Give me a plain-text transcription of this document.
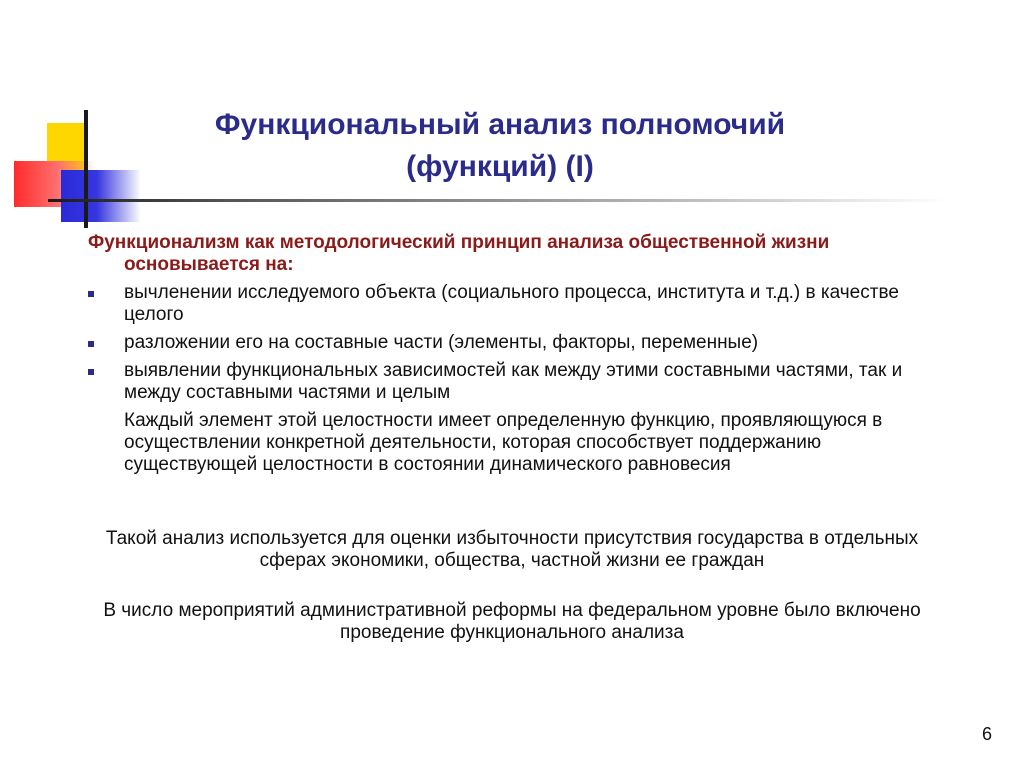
Функциональный анализ полномочий
(функций) (I)
Функционализм как методологический принцип анализа общественной жизни основывается на:
вычленении исследуемого объекта (социального процесса, института и т.д.) в качестве целого
разложении его на составные части (элементы, факторы, переменные)
выявлении функциональных зависимостей как между этими составными частями, так и между составными частями и целым
Каждый элемент этой целостности имеет определенную функцию, проявляющуюся в осуществлении конкретной деятельности, которая способствует поддержанию существующей целостности в состоянии динамического равновесия
Такой анализ используется для оценки избыточности присутствия государства в отдельных сферах экономики, общества, частной жизни ее граждан
В число мероприятий административной реформы на федеральном уровне было включено проведение функционального анализа
6
